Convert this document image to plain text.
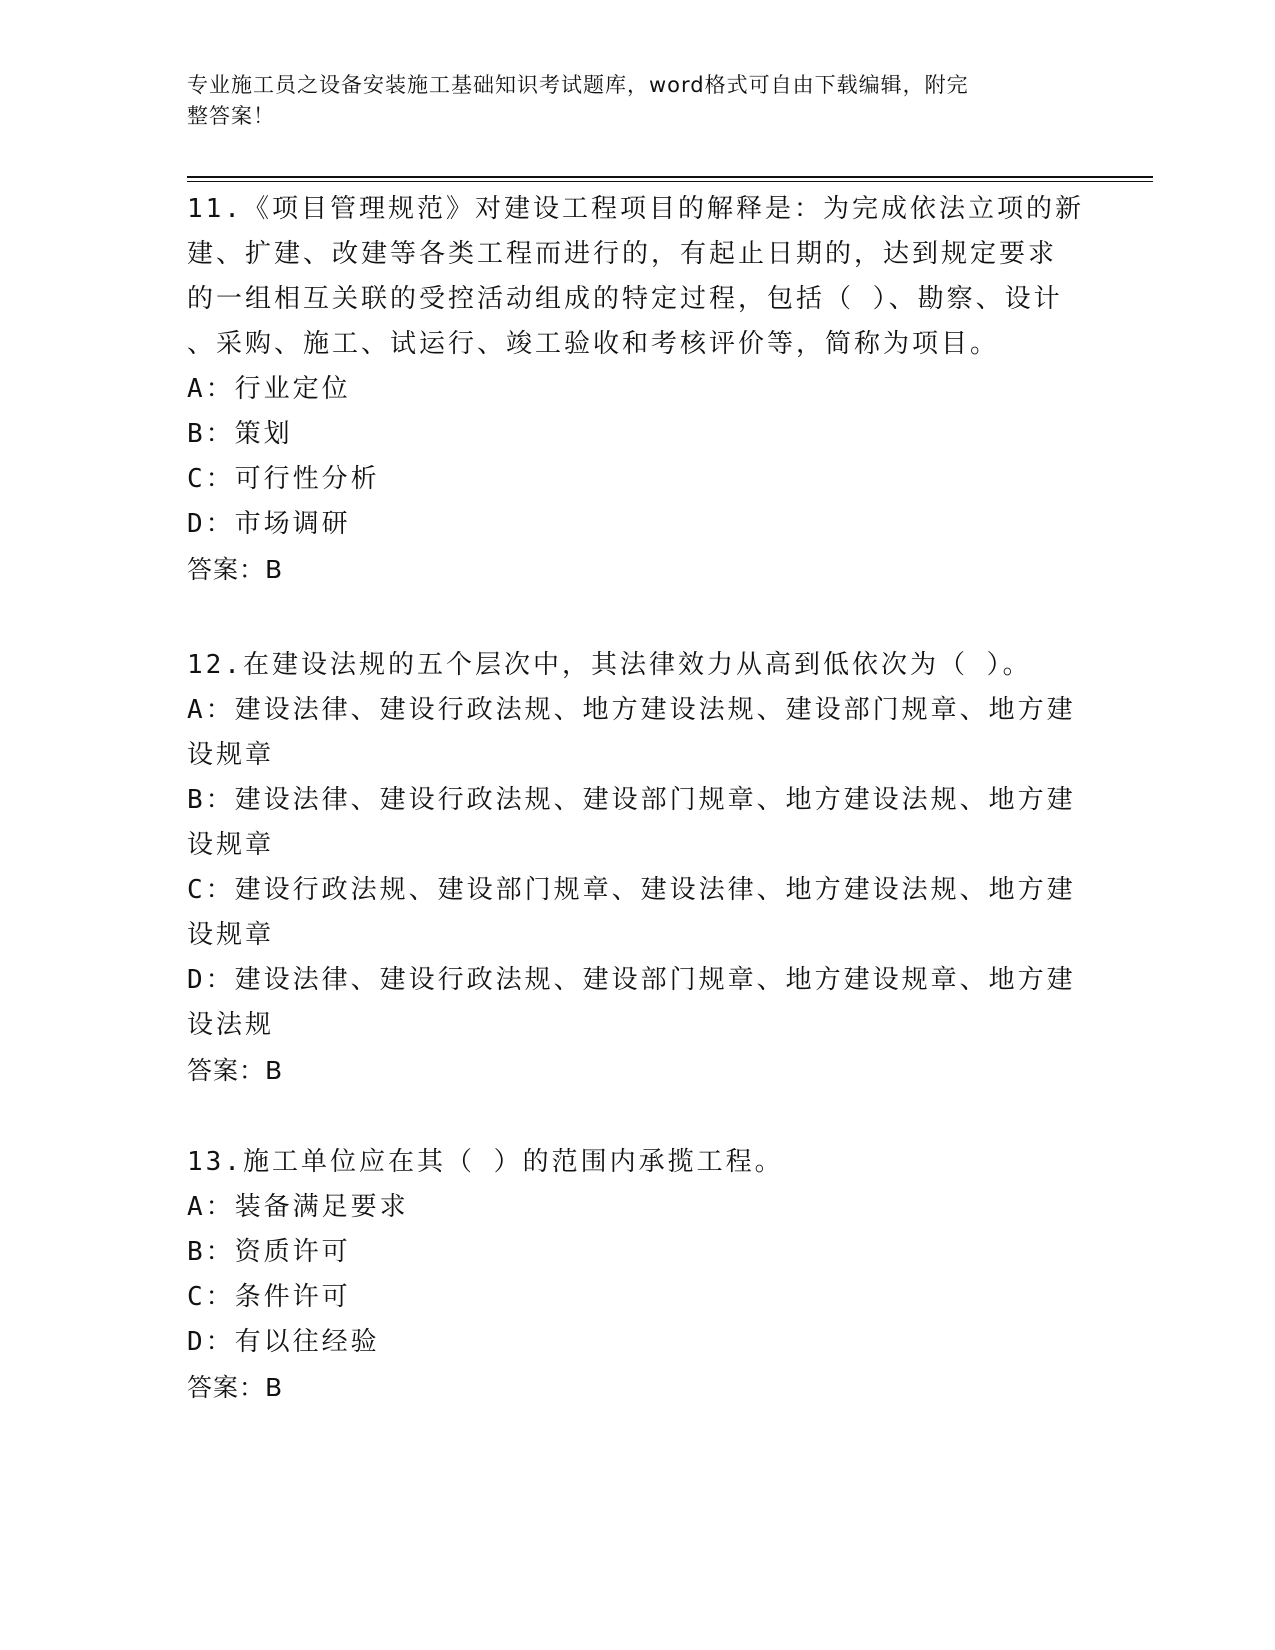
专业施工员之设备安装施工基础知识考试题库，word格式可自由下载编辑，附完
整答案！
11.《项目管理规范》对建设工程项目的解释是：为完成依法立项的新
建、扩建、改建等各类工程而进行的，有起止日期的，达到规定要求
的一组相互关联的受控活动组成的特定过程，包括（ ）、勘察、设计
、采购、施工、试运行、竣工验收和考核评价等，简称为项目。
A：行业定位
B：策划
C：可行性分析
D：市场调研
答案：B
12.在建设法规的五个层次中，其法律效力从高到低依次为（ ）。
A：建设法律、建设行政法规、地方建设法规、建设部门规章、地方建
设规章
B：建设法律、建设行政法规、建设部门规章、地方建设法规、地方建
设规章
C：建设行政法规、建设部门规章、建设法律、地方建设法规、地方建
设规章
D：建设法律、建设行政法规、建设部门规章、地方建设规章、地方建
设法规
答案：B
13.施工单位应在其（ ）的范围内承揽工程。
A：装备满足要求
B：资质许可
C：条件许可
D：有以往经验
答案：B
